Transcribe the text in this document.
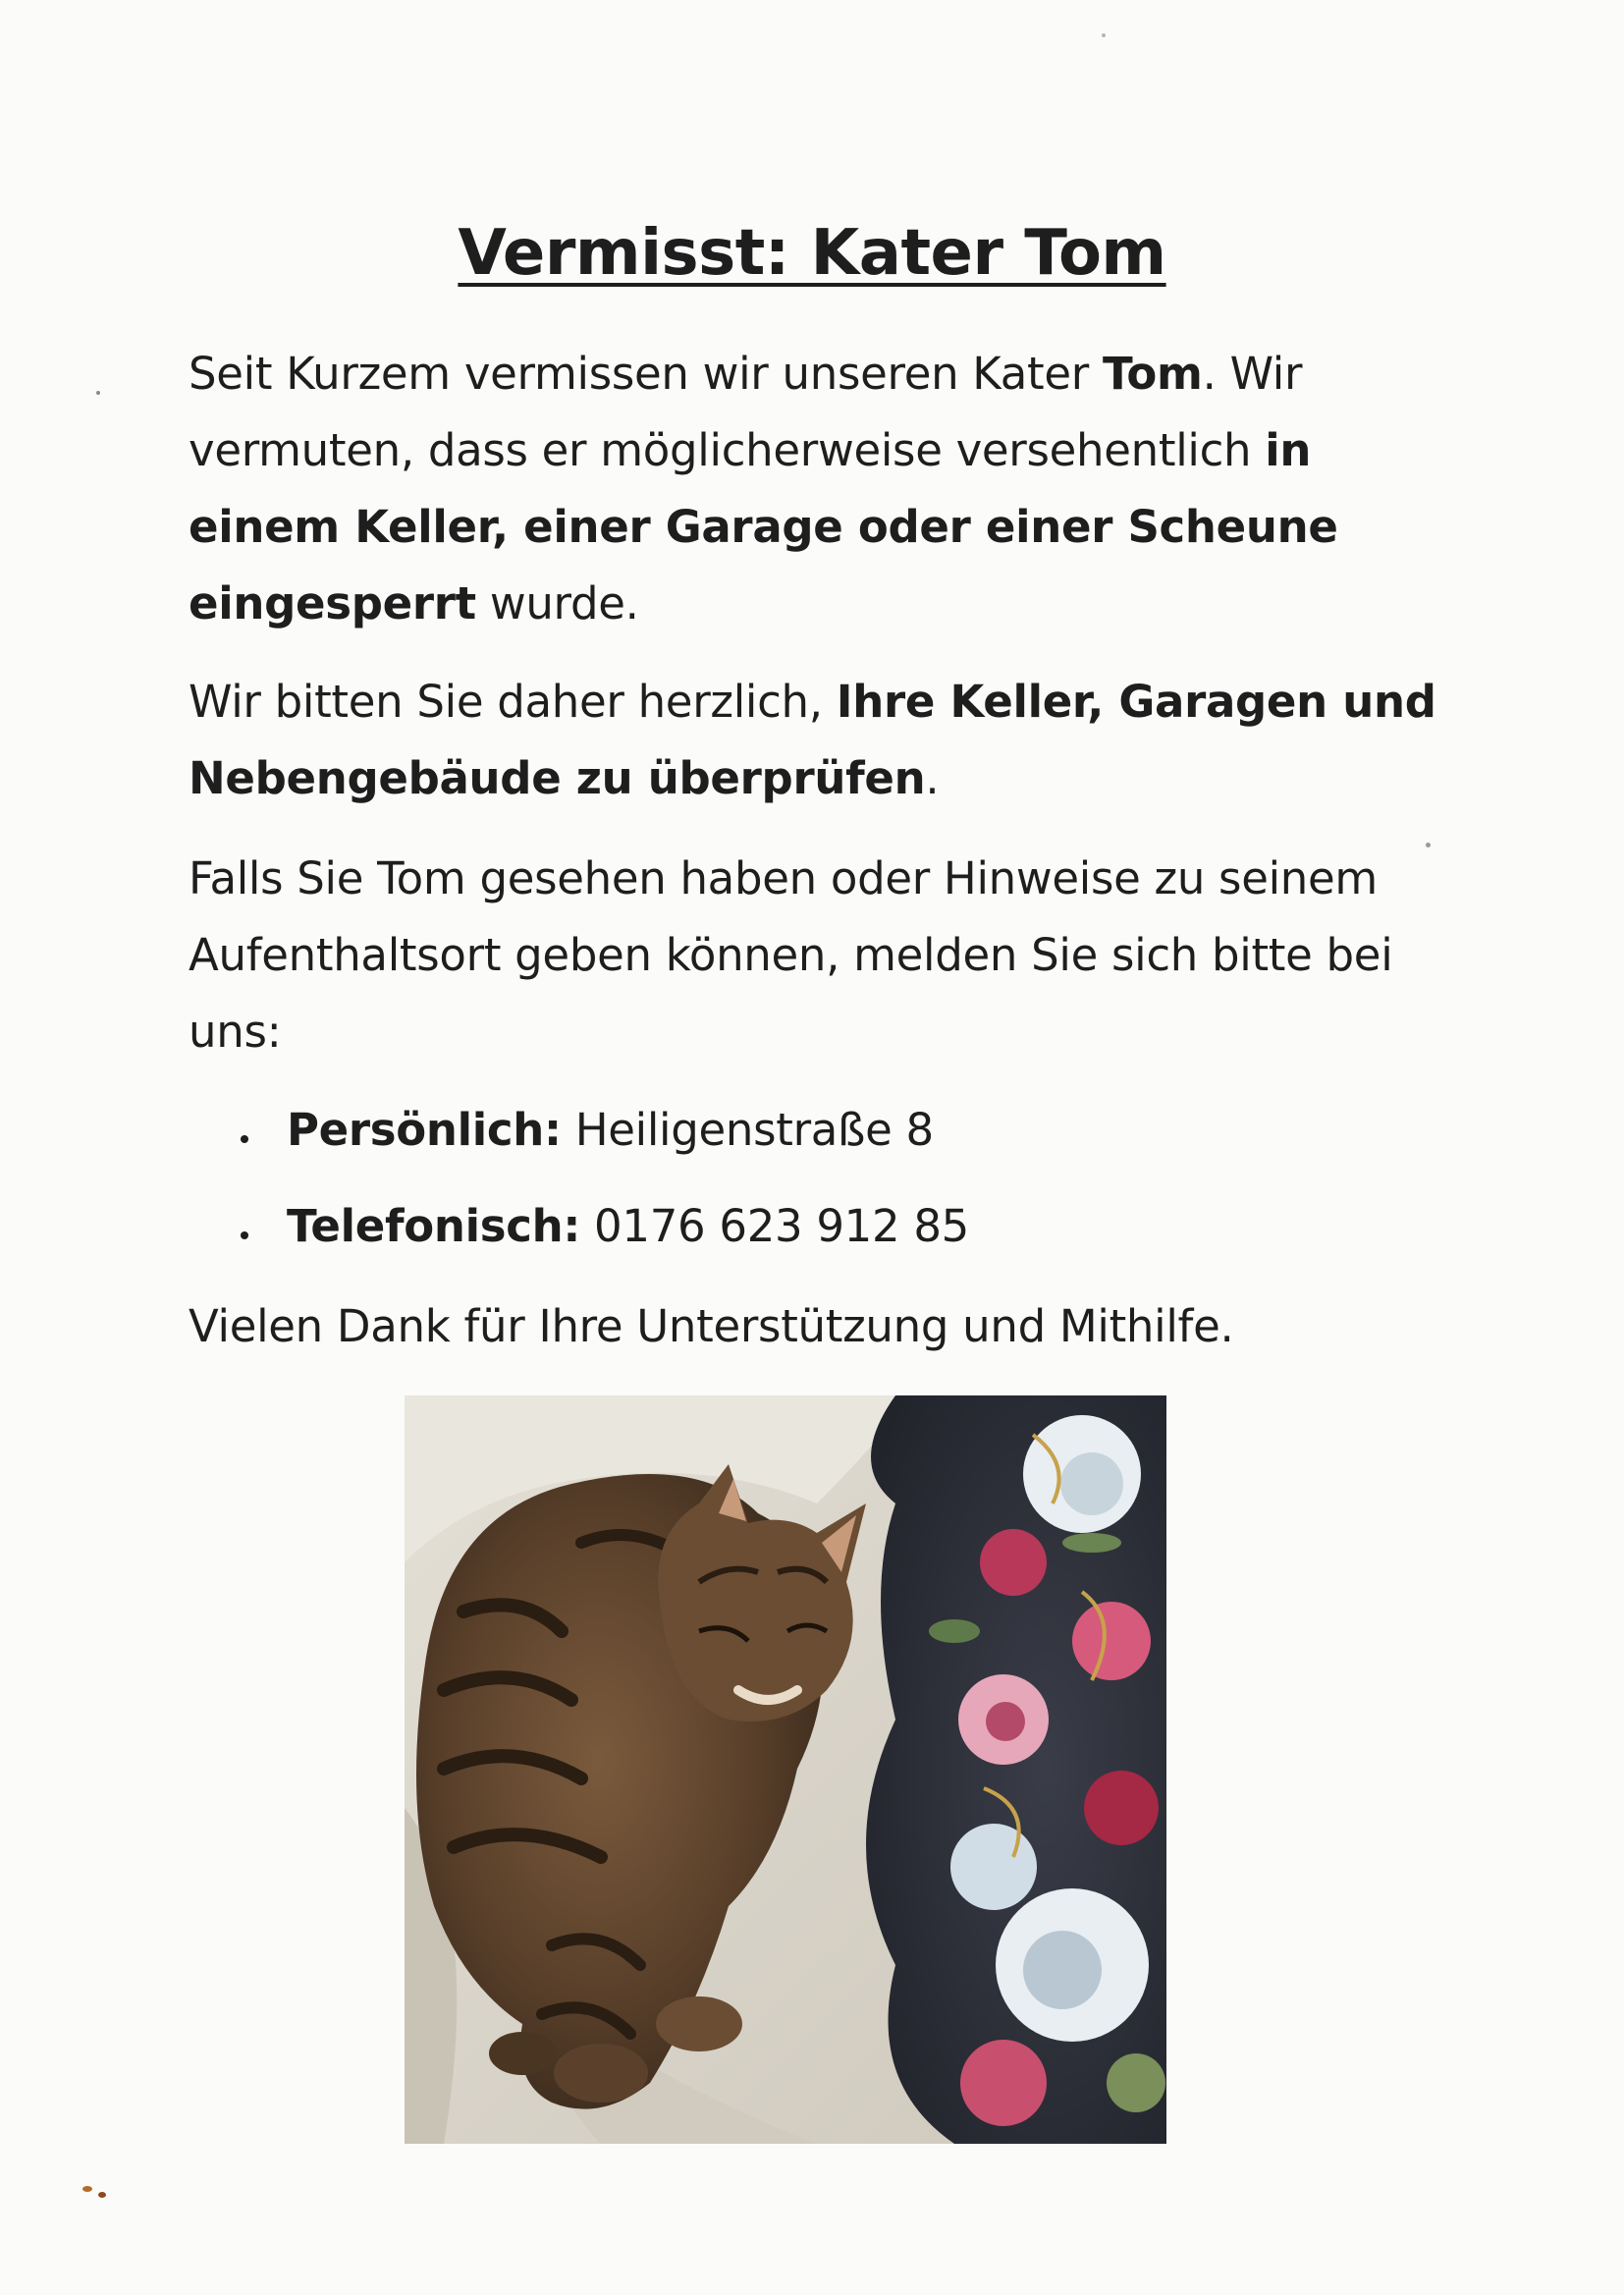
Vermisst: Kater Tom

Seit Kurzem vermissen wir unseren Kater Tom. Wir vermuten, dass er möglicherweise versehentlich in einem Keller, einer Garage oder einer Scheune eingesperrt wurde.

Wir bitten Sie daher herzlich, Ihre Keller, Garagen und Nebengebäude zu überprüfen.

Falls Sie Tom gesehen haben oder Hinweise zu seinem Aufenthaltsort geben können, melden Sie sich bitte bei uns:

Persönlich: Heiligenstraße 8
Telefonisch: 0176 623 912 85

Vielen Dank für Ihre Unterstützung und Mithilfe.
